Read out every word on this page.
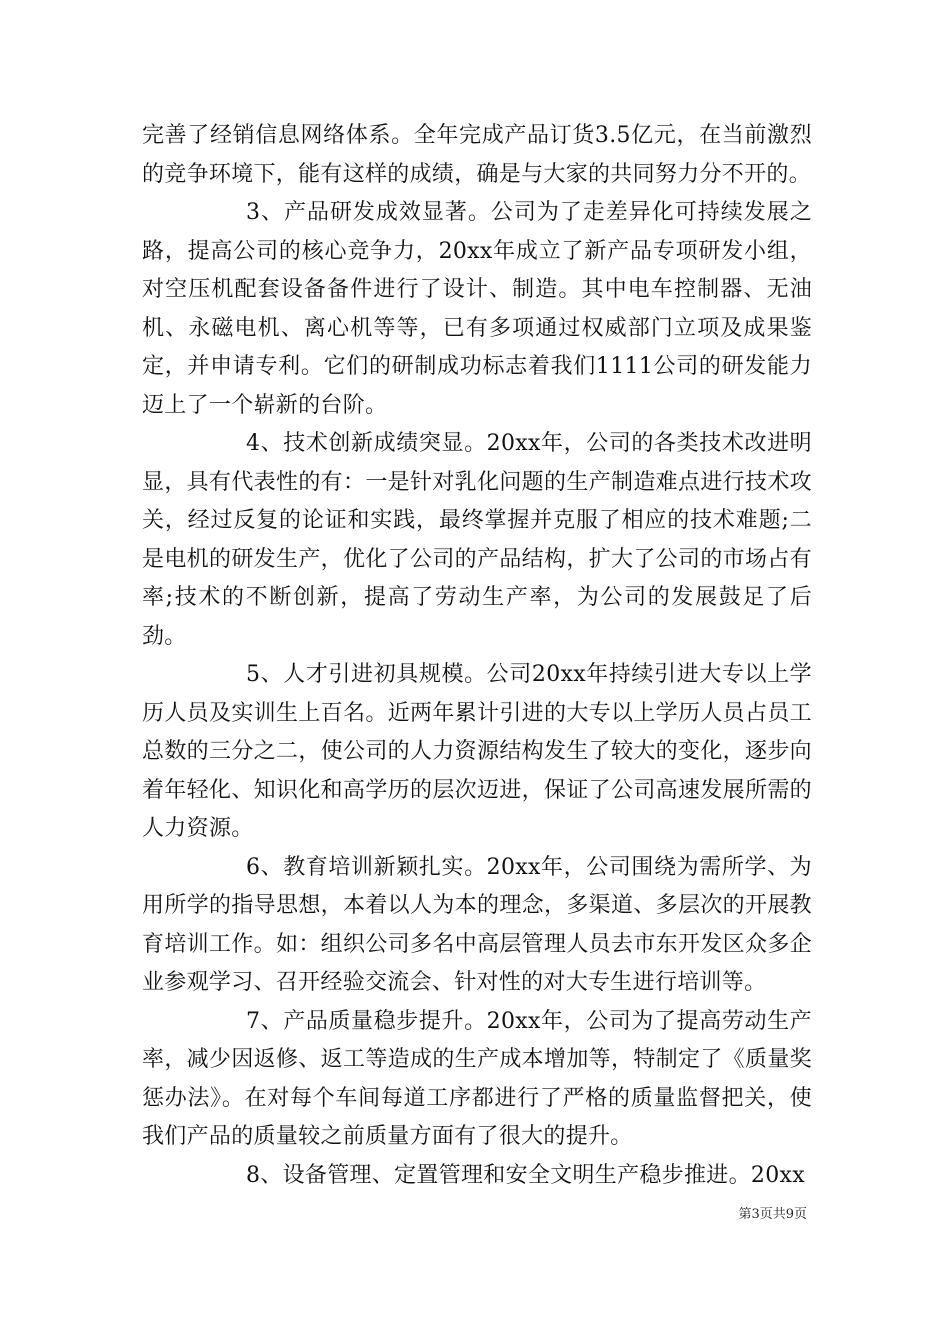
完善了经销信息网络体系。全年完成产品订货3.5亿元，在当前激烈的竞争环境下，能有这样的成绩，确是与大家的共同努力分不开的。

3、产品研发成效显著。公司为了走差异化可持续发展之路，提高公司的核心竞争力，20xx年成立了新产品专项研发小组，对空压机配套设备备件进行了设计、制造。其中电车控制器、无油机、永磁电机、离心机等等，已有多项通过权威部门立项及成果鉴定，并申请专利。它们的研制成功标志着我们1111公司的研发能力迈上了一个崭新的台阶。

4、技术创新成绩突显。20xx年，公司的各类技术改进明显，具有代表性的有：一是针对乳化问题的生产制造难点进行技术攻关，经过反复的论证和实践，最终掌握并克服了相应的技术难题;二是电机的研发生产，优化了公司的产品结构，扩大了公司的市场占有率;技术的不断创新，提高了劳动生产率，为公司的发展鼓足了后劲。

5、人才引进初具规模。公司20xx年持续引进大专以上学历人员及实训生上百名。近两年累计引进的大专以上学历人员占员工总数的三分之二，使公司的人力资源结构发生了较大的变化，逐步向着年轻化、知识化和高学历的层次迈进，保证了公司高速发展所需的人力资源。

6、教育培训新颖扎实。20xx年，公司围绕为需所学、为用所学的指导思想，本着以人为本的理念，多渠道、多层次的开展教育培训工作。如：组织公司多名中高层管理人员去市东开发区众多企业参观学习、召开经验交流会、针对性的对大专生进行培训等。

7、产品质量稳步提升。20xx年，公司为了提高劳动生产率，减少因返修、返工等造成的生产成本增加等，特制定了《质量奖惩办法》。在对每个车间每道工序都进行了严格的质量监督把关，使我们产品的质量较之前质量方面有了很大的提升。

8、设备管理、定置管理和安全文明生产稳步推进。20xx

第3页共9页
